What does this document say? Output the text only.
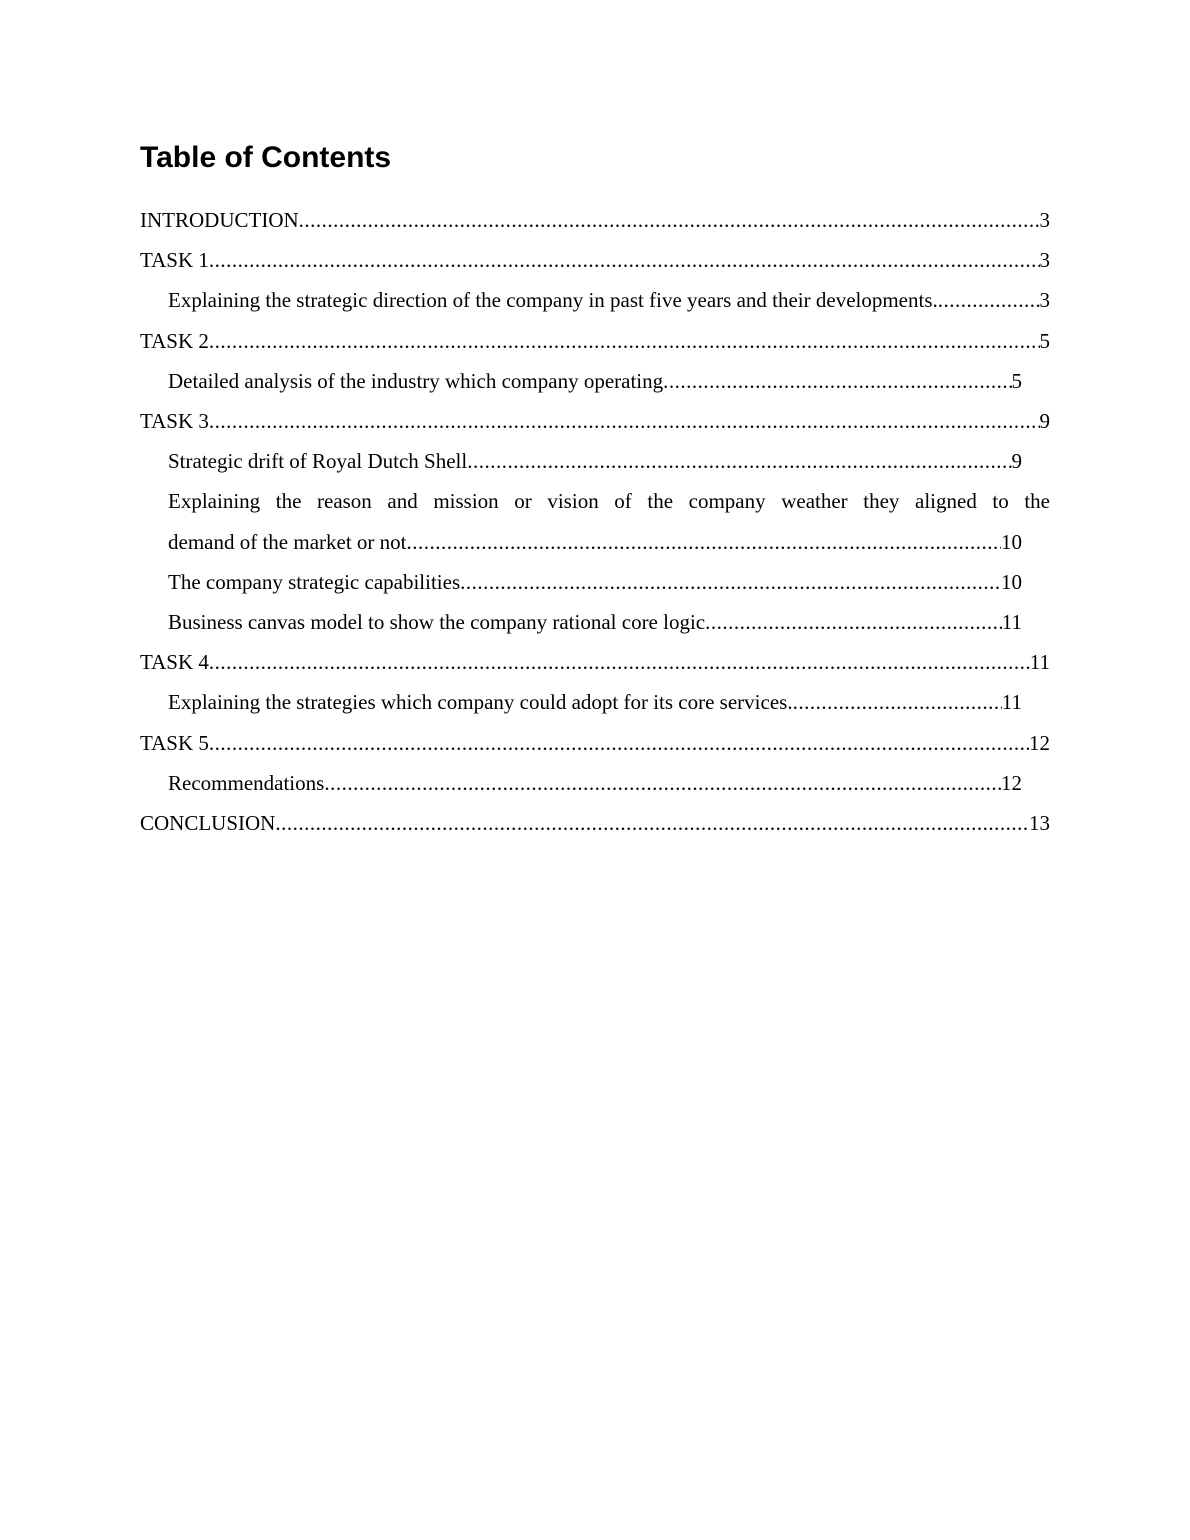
Table of Contents
INTRODUCTION .....	3
TASK 1 .....	3
Explaining the strategic direction of the company in past five years and their developments. .....	3
TASK 2 .....	5
Detailed analysis of the industry which company operating .....	5
TASK 3 .....	9
Strategic drift of Royal Dutch Shell .....	9
Explaining the reason and mission or vision of the company weather they aligned to the
demand of the market or not .....	10
The company strategic capabilities .....	10
Business canvas model to show the company rational core logic .....	11
TASK 4 .....	11
Explaining the strategies which company could adopt for its core services. .....	11
TASK 5 .....	12
Recommendations .....	12
CONCLUSION .....	13
